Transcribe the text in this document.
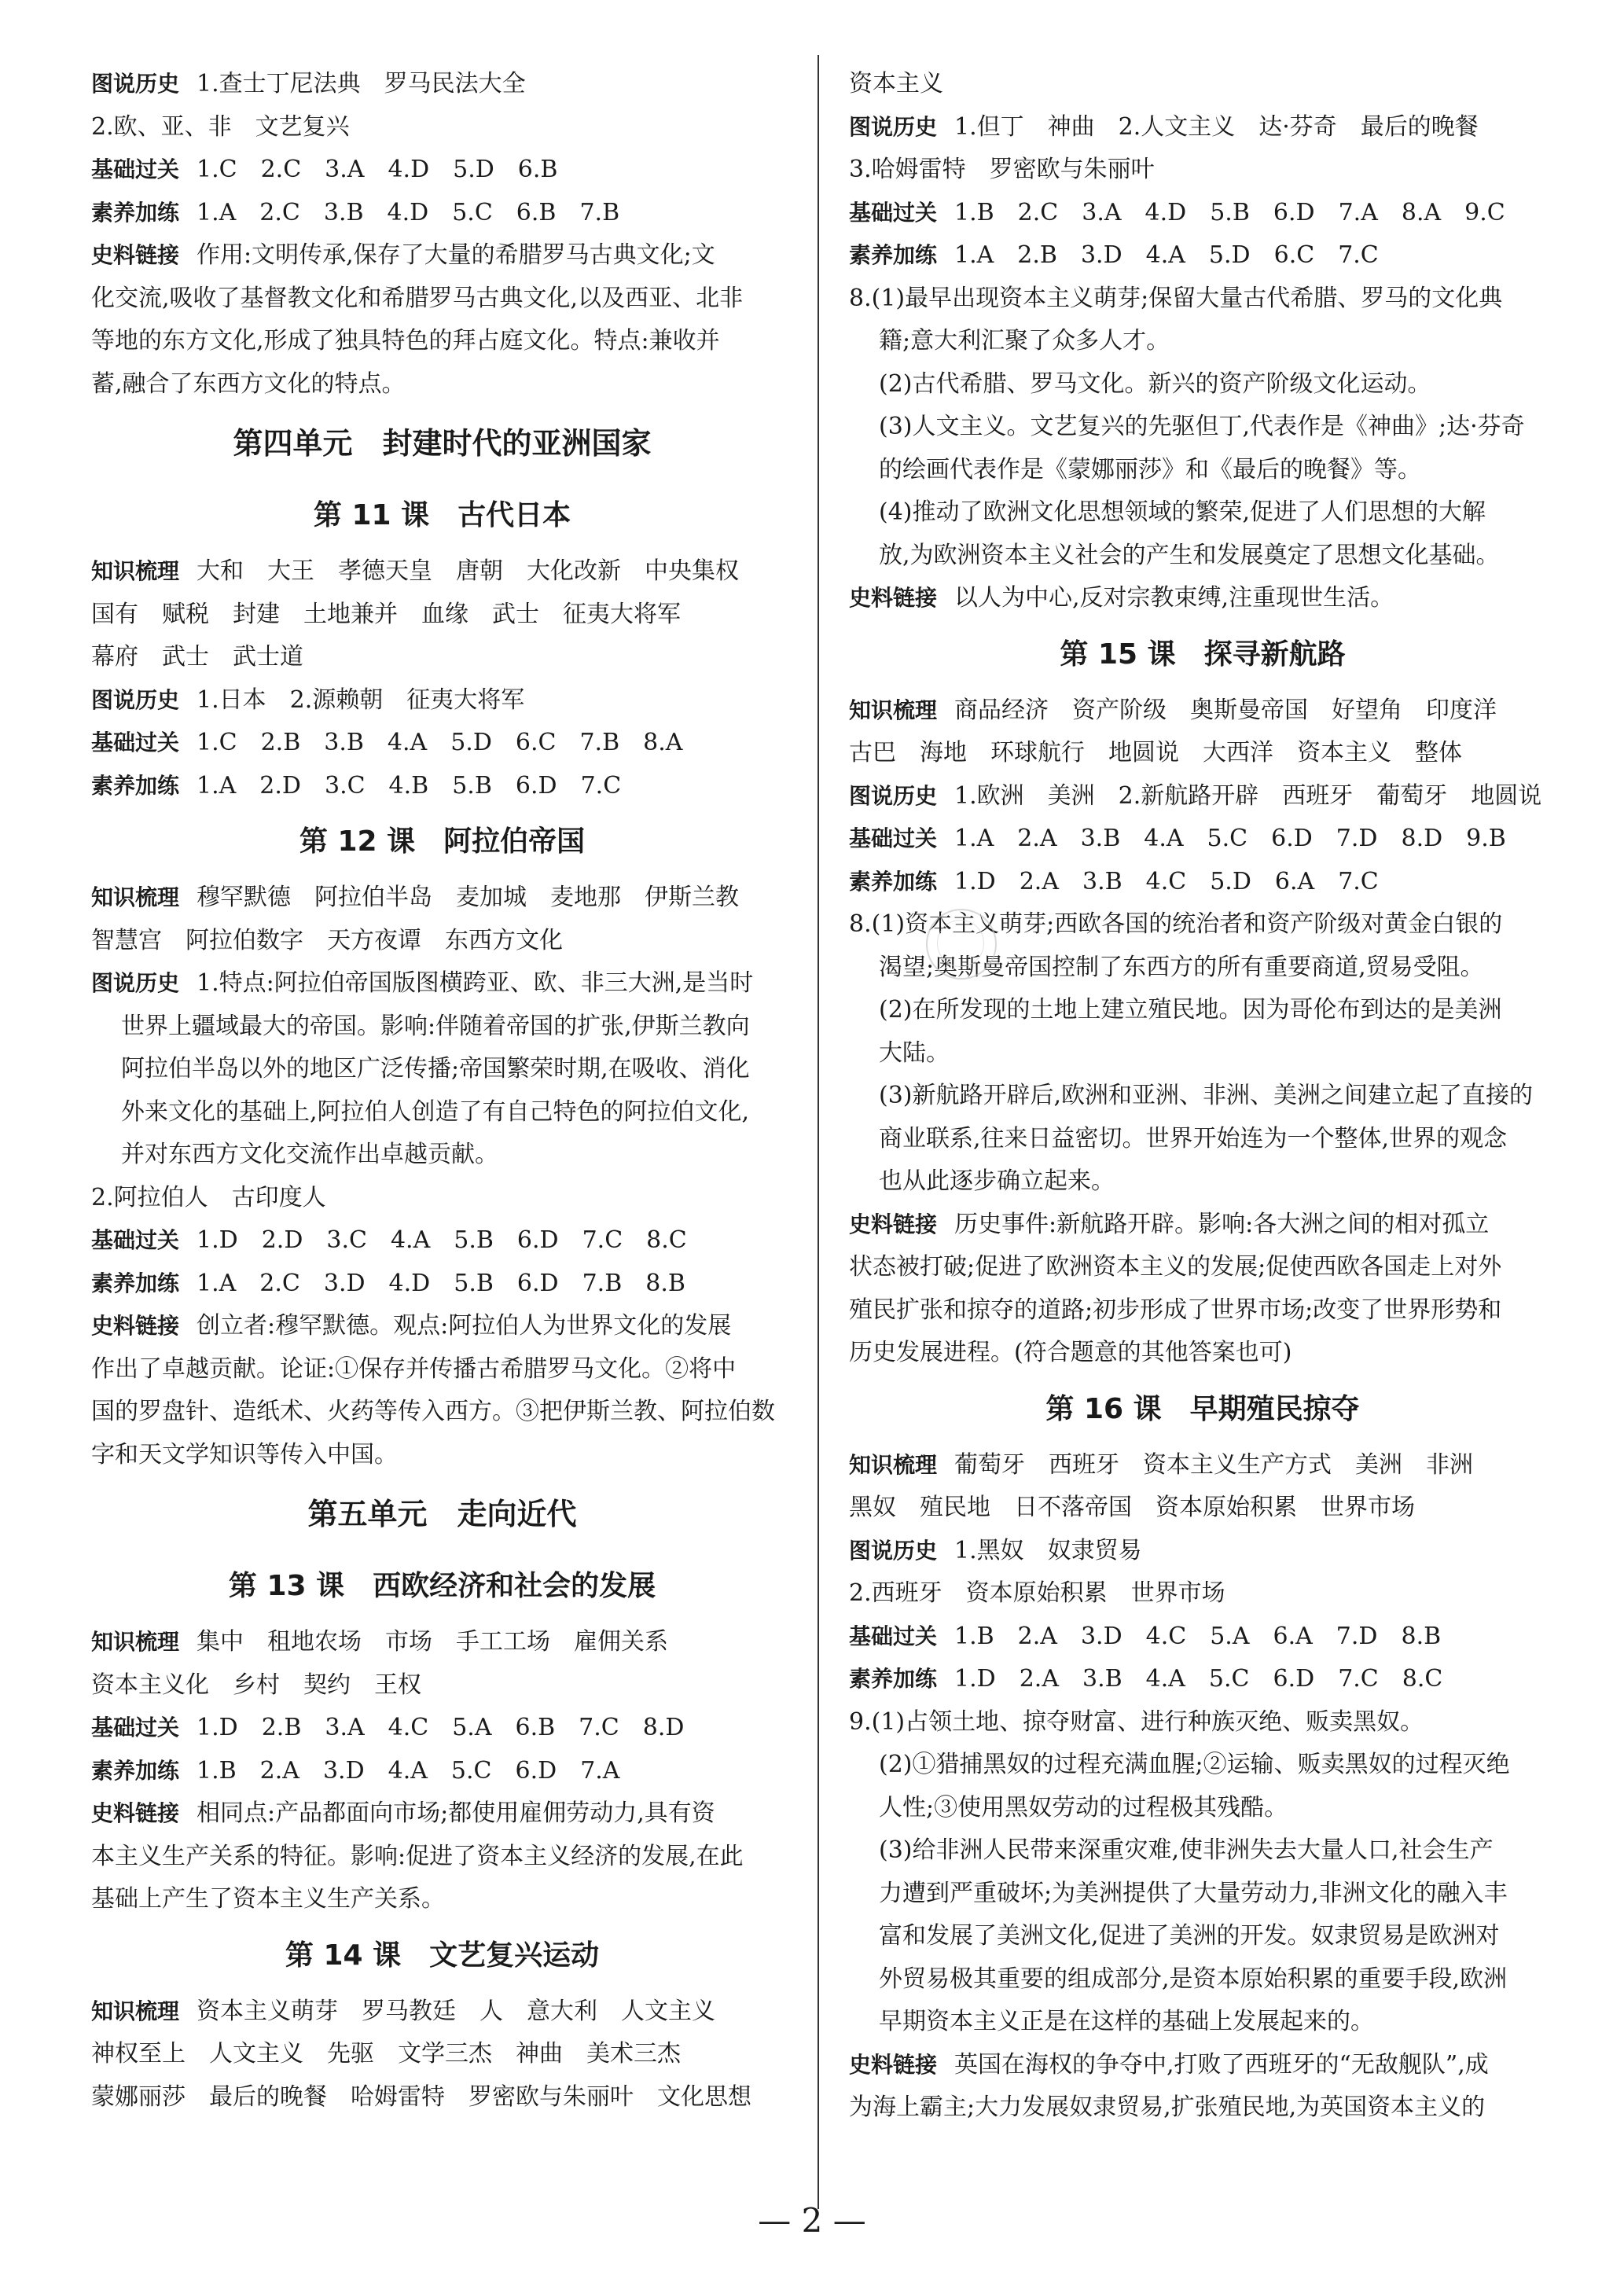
图说历史 1.查士丁尼法典　罗马民法大全
2.欧、亚、非　文艺复兴
基础过关 1.C　2.C　3.A　4.D　5.D　6.B
素养加练 1.A　2.C　3.B　4.D　5.C　6.B　7.B
史料链接 作用:文明传承,保存了大量的希腊罗马古典文化;文
化交流,吸收了基督教文化和希腊罗马古典文化,以及西亚、北非
等地的东方文化,形成了独具特色的拜占庭文化。特点:兼收并
蓄,融合了东西方文化的特点。
第四单元　封建时代的亚洲国家
第 11 课　古代日本
知识梳理 大和　大王　孝德天皇　唐朝　大化改新　中央集权
国有　赋税　封建　土地兼并　血缘　武士　征夷大将军
幕府　武士　武士道
图说历史 1.日本　2.源赖朝　征夷大将军
基础过关 1.C　2.B　3.B　4.A　5.D　6.C　7.B　8.A
素养加练 1.A　2.D　3.C　4.B　5.B　6.D　7.C
第 12 课　阿拉伯帝国
知识梳理 穆罕默德　阿拉伯半岛　麦加城　麦地那　伊斯兰教
智慧宫　阿拉伯数字　天方夜谭　东西方文化
图说历史 1.特点:阿拉伯帝国版图横跨亚、欧、非三大洲,是当时
世界上疆域最大的帝国。影响:伴随着帝国的扩张,伊斯兰教向
阿拉伯半岛以外的地区广泛传播;帝国繁荣时期,在吸收、消化
外来文化的基础上,阿拉伯人创造了有自己特色的阿拉伯文化,
并对东西方文化交流作出卓越贡献。
2.阿拉伯人　古印度人
基础过关 1.D　2.D　3.C　4.A　5.B　6.D　7.C　8.C
素养加练 1.A　2.C　3.D　4.D　5.B　6.D　7.B　8.B
史料链接 创立者:穆罕默德。观点:阿拉伯人为世界文化的发展
作出了卓越贡献。论证:①保存并传播古希腊罗马文化。②将中
国的罗盘针、造纸术、火药等传入西方。③把伊斯兰教、阿拉伯数
字和天文学知识等传入中国。
第五单元　走向近代
第 13 课　西欧经济和社会的发展
知识梳理 集中　租地农场　市场　手工工场　雇佣关系
资本主义化　乡村　契约　王权
基础过关 1.D　2.B　3.A　4.C　5.A　6.B　7.C　8.D
素养加练 1.B　2.A　3.D　4.A　5.C　6.D　7.A
史料链接 相同点:产品都面向市场;都使用雇佣劳动力,具有资
本主义生产关系的特征。影响:促进了资本主义经济的发展,在此
基础上产生了资本主义生产关系。
第 14 课　文艺复兴运动
知识梳理 资本主义萌芽　罗马教廷　人　意大利　人文主义
神权至上　人文主义　先驱　文学三杰　神曲　美术三杰
蒙娜丽莎　最后的晚餐　哈姆雷特　罗密欧与朱丽叶　文化思想
资本主义
图说历史 1.但丁　神曲　2.人文主义　达·芬奇　最后的晚餐
3.哈姆雷特　罗密欧与朱丽叶
基础过关 1.B　2.C　3.A　4.D　5.B　6.D　7.A　8.A　9.C
素养加练 1.A　2.B　3.D　4.A　5.D　6.C　7.C
8.(1)最早出现资本主义萌芽;保留大量古代希腊、罗马的文化典
籍;意大利汇聚了众多人才。
(2)古代希腊、罗马文化。新兴的资产阶级文化运动。
(3)人文主义。文艺复兴的先驱但丁,代表作是《神曲》;达·芬奇
的绘画代表作是《蒙娜丽莎》和《最后的晚餐》等。
(4)推动了欧洲文化思想领域的繁荣,促进了人们思想的大解
放,为欧洲资本主义社会的产生和发展奠定了思想文化基础。
史料链接 以人为中心,反对宗教束缚,注重现世生活。
第 15 课　探寻新航路
知识梳理 商品经济　资产阶级　奥斯曼帝国　好望角　印度洋
古巴　海地　环球航行　地圆说　大西洋　资本主义　整体
图说历史 1.欧洲　美洲　2.新航路开辟　西班牙　葡萄牙　地圆说
基础过关 1.A　2.A　3.B　4.A　5.C　6.D　7.D　8.D　9.B
素养加练 1.D　2.A　3.B　4.C　5.D　6.A　7.C
8.(1)资本主义萌芽;西欧各国的统治者和资产阶级对黄金白银的
渴望;奥斯曼帝国控制了东西方的所有重要商道,贸易受阻。
(2)在所发现的土地上建立殖民地。因为哥伦布到达的是美洲
大陆。
(3)新航路开辟后,欧洲和亚洲、非洲、美洲之间建立起了直接的
商业联系,往来日益密切。世界开始连为一个整体,世界的观念
也从此逐步确立起来。
史料链接 历史事件:新航路开辟。影响:各大洲之间的相对孤立
状态被打破;促进了欧洲资本主义的发展;促使西欧各国走上对外
殖民扩张和掠夺的道路;初步形成了世界市场;改变了世界形势和
历史发展进程。(符合题意的其他答案也可)
第 16 课　早期殖民掠夺
知识梳理 葡萄牙　西班牙　资本主义生产方式　美洲　非洲
黑奴　殖民地　日不落帝国　资本原始积累　世界市场
图说历史 1.黑奴　奴隶贸易
2.西班牙　资本原始积累　世界市场
基础过关 1.B　2.A　3.D　4.C　5.A　6.A　7.D　8.B
素养加练 1.D　2.A　3.B　4.A　5.C　6.D　7.C　8.C
9.(1)占领土地、掠夺财富、进行种族灭绝、贩卖黑奴。
(2)①猎捕黑奴的过程充满血腥;②运输、贩卖黑奴的过程灭绝
人性;③使用黑奴劳动的过程极其残酷。
(3)给非洲人民带来深重灾难,使非洲失去大量人口,社会生产
力遭到严重破坏;为美洲提供了大量劳动力,非洲文化的融入丰
富和发展了美洲文化,促进了美洲的开发。奴隶贸易是欧洲对
外贸易极其重要的组成部分,是资本原始积累的重要手段,欧洲
早期资本主义正是在这样的基础上发展起来的。
史料链接 英国在海权的争夺中,打败了西班牙的“无敌舰队”,成
为海上霸主;大力发展奴隶贸易,扩张殖民地,为英国资本主义的
— 2 —
